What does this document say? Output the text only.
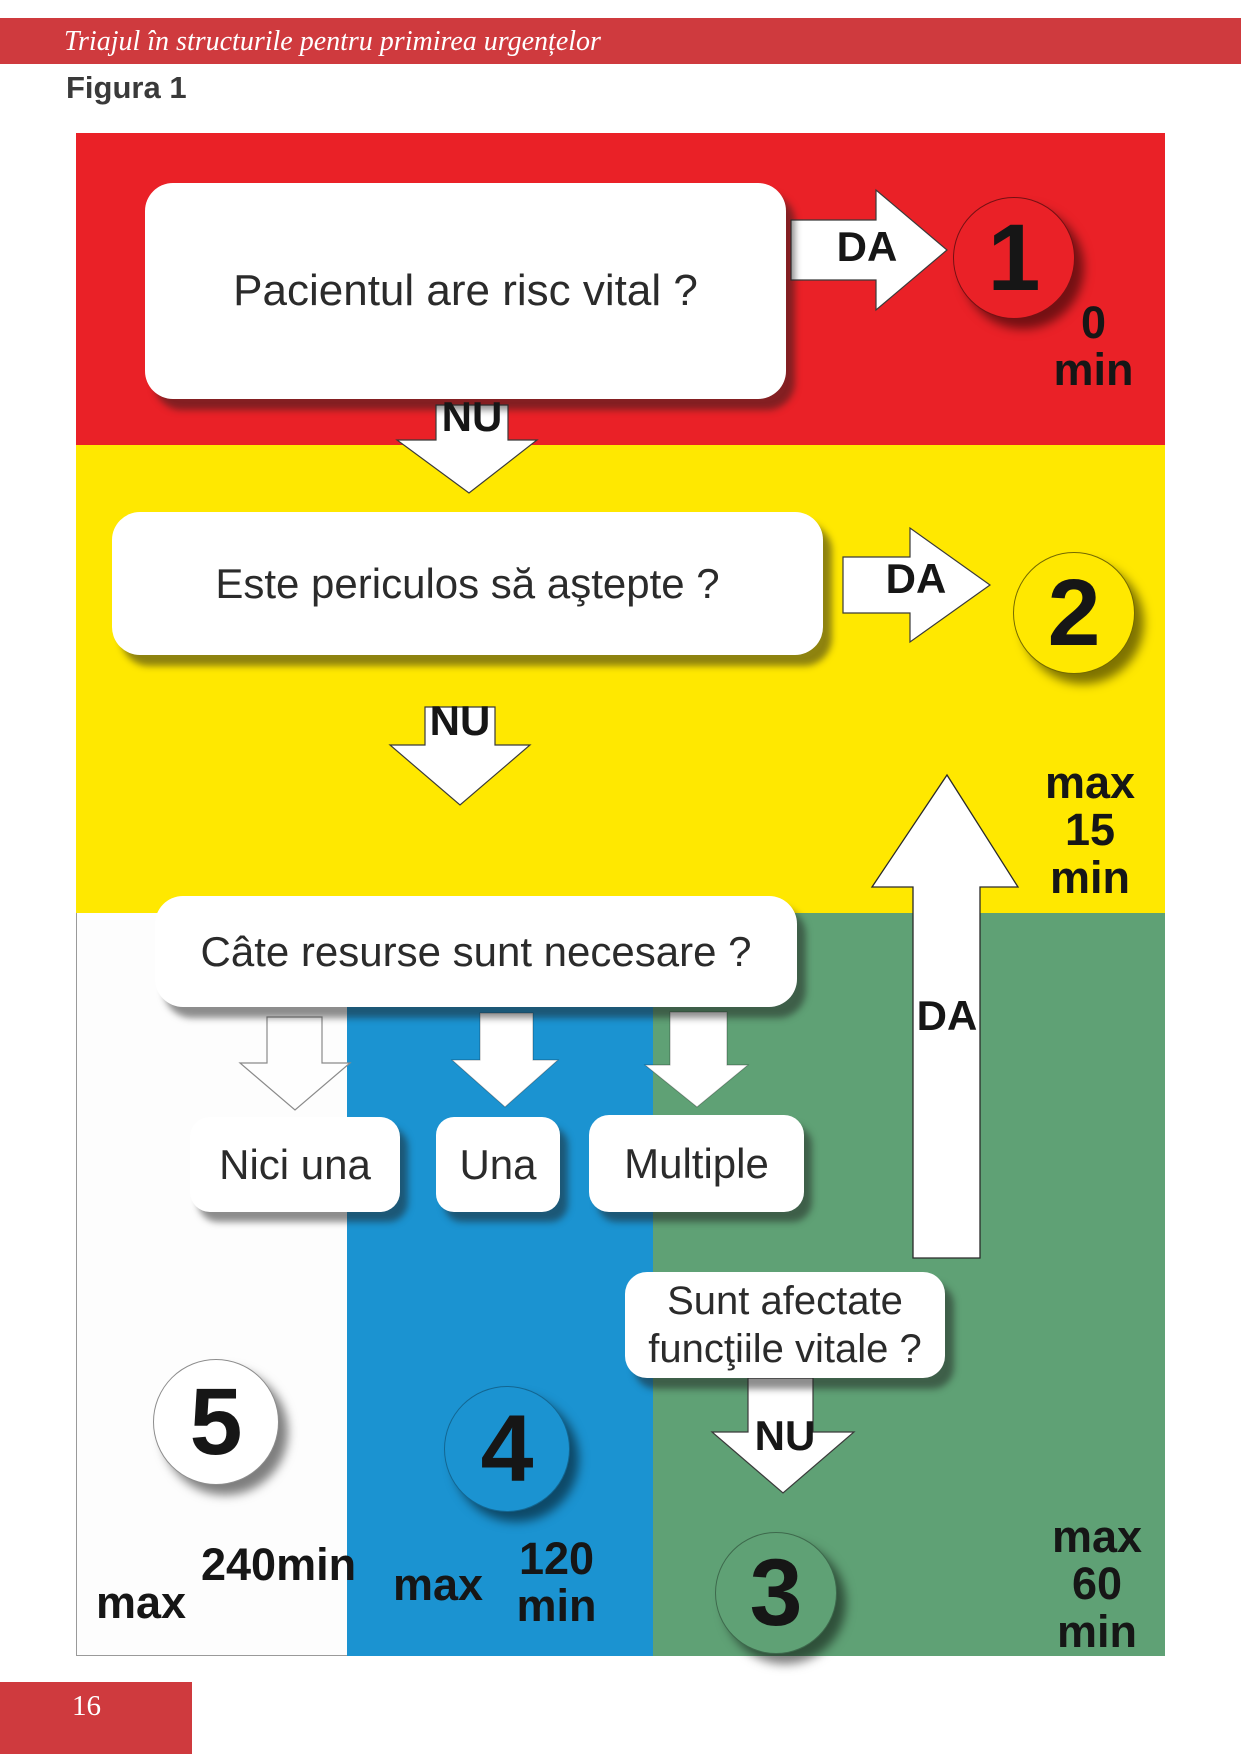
Triajul în structurile pentru primirea urgențelor
Figura 1
Pacientul are risc vital ?
Este periculos să aştepte ?
Câte resurse sunt necesare ?
Sunt afectate
funcţiile vitale ?
Nici una Una Multiple
1
2
3
4
5
DA
NU
DA
NU
DA
NU
0
min
max
15
min
max
60
min
max
240min max
120
min
16
